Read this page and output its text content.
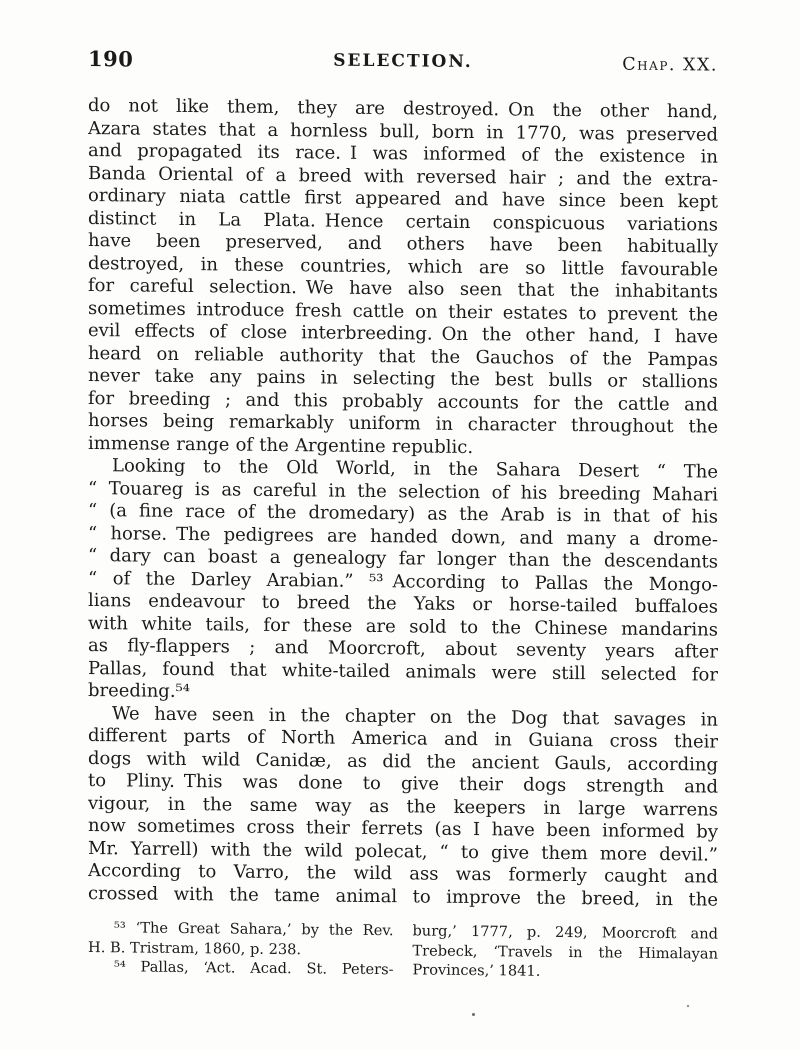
190	SELECTION.	Chap. XX.
do not like them, they are destroyed. On the other hand,
Azara states that a hornless bull, born in 1770, was preserved
and propagated its race. I was informed of the existence in
Banda Oriental of a breed with reversed hair ; and the extra-
ordinary niata cattle first appeared and have since been kept
distinct in La Plata. Hence certain conspicuous variations
have been preserved, and others have been habitually
destroyed, in these countries, which are so little favourable
for careful selection. We have also seen that the inhabitants
sometimes introduce fresh cattle on their estates to prevent the
evil effects of close interbreeding. On the other hand, I have
heard on reliable authority that the Gauchos of the Pampas
never take any pains in selecting the best bulls or stallions
for breeding ; and this probably accounts for the cattle and
horses being remarkably uniform in character throughout the
immense range of the Argentine republic.
Looking to the Old World, in the Sahara Desert “ The
“ Touareg is as careful in the selection of his breeding Mahari
“ (a fine race of the dromedary) as the Arab is in that of his
“ horse. The pedigrees are handed down, and many a drome-
“ dary can boast a genealogy far longer than the descendants
“ of the Darley Arabian.” ⁵³ According to Pallas the Mongo-
lians endeavour to breed the Yaks or horse-tailed buffaloes
with white tails, for these are sold to the Chinese mandarins
as fly-flappers ; and Moorcroft, about seventy years after
Pallas, found that white-tailed animals were still selected for
breeding.⁵⁴
We have seen in the chapter on the Dog that savages in
different parts of North America and in Guiana cross their
dogs with wild Canidæ, as did the ancient Gauls, according
to Pliny. This was done to give their dogs strength and
vigour, in the same way as the keepers in large warrens
now sometimes cross their ferrets (as I have been informed by
Mr. Yarrell) with the wild polecat, “ to give them more devil.”
According to Varro, the wild ass was formerly caught and
crossed with the tame animal to improve the breed, in the
⁵³ ‘The Great Sahara,’ by the Rev.
H. B. Tristram, 1860, p. 238.
⁵⁴ Pallas, ‘Act. Acad. St. Peters-
burg,’ 1777, p. 249, Moorcroft and
Trebeck, ‘Travels in the Himalayan
Provinces,’ 1841.
